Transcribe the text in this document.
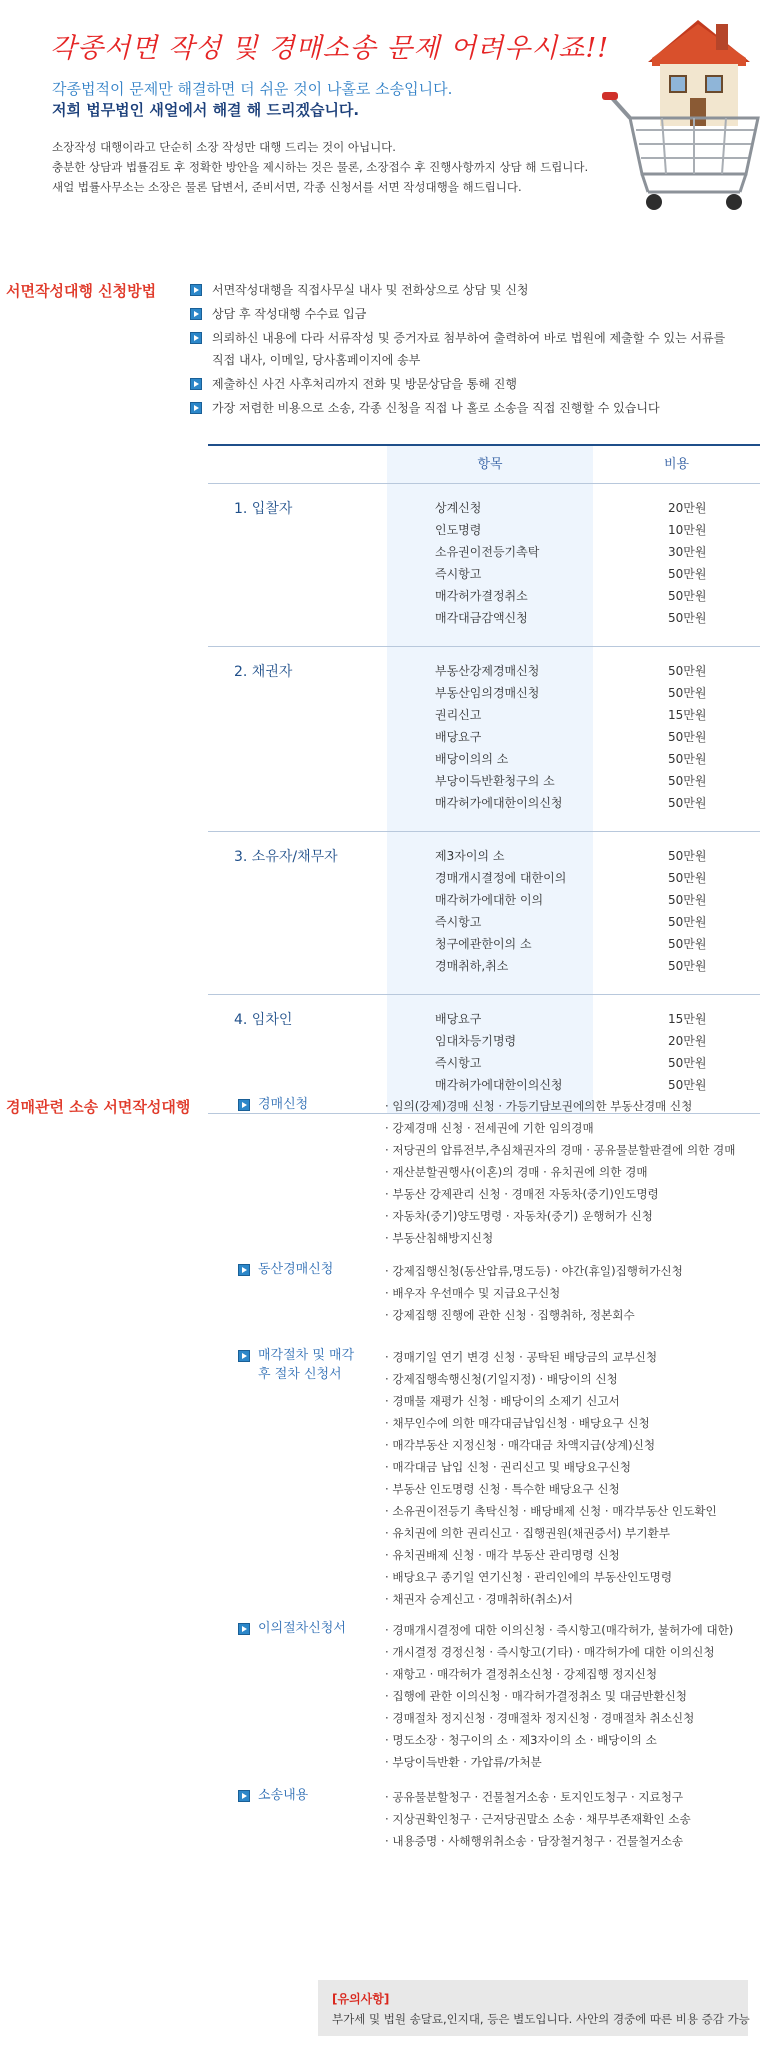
각종서면 작성 및 경매소송 문제 어려우시죠!!
각종법적이 문제만 해결하면 더 쉬운 것이 나홀로 소송입니다.
저희 법무법인 새얼에서 해결 해 드리겠습니다.
소장작성 대행이라고 단순히 소장 작성만 대행 드리는 것이 아닙니다.
충분한 상담과 법률검토 후 정확한 방안을 제시하는 것은 물론, 소장접수 후 진행사항까지 상담 해 드립니다.
새얼 법률사무소는 소장은 물론 답변서, 준비서면, 각종 신청서를 서면 작성대행을 해드립니다.
서면작성대행 신청방법	서면작성대행을 직접사무실 내사 및 전화상으로 상담 및 신청
상담 후 작성대행 수수료 입금
의뢰하신 내용에 다라 서류작성 및 증거자료 첨부하여 출력하여 바로 법원에 제출할 수 있는 서류를
직접 내사, 이메일, 당사홈페이지에 송부
제출하신 사건 사후처리까지 전화 및 방문상담을 통해 진행
가장 저렴한 비용으로 소송, 각종 신청을 직접 나 홀로 소송을 직접 진행할 수 있습니다
항목	비용
1. 입찰자	상계신청	20만원
인도명령	10만원
소유권이전등기촉탁	30만원
즉시항고	50만원
매각허가결정취소	50만원
매각대금감액신청	50만원
2. 채권자	부동산강제경매신청	50만원
부동산임의경매신청	50만원
권리신고	15만원
배당요구	50만원
배당이의의 소	50만원
부당이득반환청구의 소	50만원
매각허가에대한이의신청	50만원
3. 소유자/채무자	제3자이의 소	50만원
경매개시결정에 대한이의	50만원
매각허가에대한 이의	50만원
즉시항고	50만원
청구에관한이의 소	50만원
경매취하,취소	50만원
4. 임차인	배당요구	15만원
임대차등기명령	20만원
즉시항고	50만원
매각허가에대한이의신청	50만원
경매관련 소송 서면작성대행	경매신청	· 임의(강제)경매 신청 · 가등기담보권에의한 부동산경매 신청
· 강제경매 신청 · 전세권에 기한 임의경매
· 저당권의 압류전부,추심채권자의 경매 · 공유물분할판결에 의한 경매
· 재산분할권행사(이혼)의 경매 · 유치권에 의한 경매
· 부동산 강제관리 신청 · 경매전 자동차(중기)인도명령
· 자동차(중기)양도명령 · 자동차(중기) 운행허가 신청
· 부동산침해방지신청
동산경매신청	· 강제집행신청(동산압류,명도등) · 야간(휴일)집행허가신청
· 배우자 우선매수 및 지급요구신청
· 강제집행 진행에 관한 신청 · 집행취하, 정본회수
매각절차 및 매각 후 절차 신청서
· 경매기일 연기 변경 신청 · 공탁된 배당금의 교부신청
· 강제집행속행신청(기일지정) · 배당이의 신청
· 경매물 재평가 신청 · 배당이의 소제기 신고서
· 채무인수에 의한 매각대금납입신청 · 배당요구 신청
· 매각부동산 지정신청 · 매각대금 차액지급(상계)신청
· 매각대금 납입 신청 · 권리신고 및 배당요구신청
· 부동산 인도명령 신청 · 특수한 배당요구 신청
· 소유권이전등기 촉탁신청 · 배당배제 신청 · 매각부동산 인도확인
· 유치권에 의한 권리신고 · 집행권원(채권증서) 부기환부
· 유치권배제 신청 · 매각 부동산 관리명령 신청
· 배당요구 종기일 연기신청 · 관리인에의 부동산인도명령
· 채권자 승계신고 · 경매취하(취소)서
이의절차신청서	· 경매개시결정에 대한 이의신청 · 즉시항고(매각허가, 불허가에 대한)
· 개시결정 경정신청 · 즉시항고(기타) · 매각허가에 대한 이의신청
· 재항고 · 매각허가 결정취소신청 · 강제집행 정지신청
· 집행에 관한 이의신청 · 매각허가결정취소 및 대금반환신청
· 경매절차 정지신청 · 경매절차 정지신청 · 경매절차 취소신청
· 명도소장 · 청구이의 소 · 제3자이의 소 · 배당이의 소
· 부당이득반환 · 가압류/가처분
소송내용	· 공유물분할청구 · 건물철거소송 · 토지인도청구 · 지료청구
· 지상권확인청구 · 근저당권말소 소송 · 채무부존재확인 소송
· 내용증명 · 사해행위취소송 · 담장철거청구 · 건물철거소송
[유의사항]
부가세 및 법원 송달료,인지대, 등은 별도입니다. 사안의 경중에 따른 비용 증감 가능
